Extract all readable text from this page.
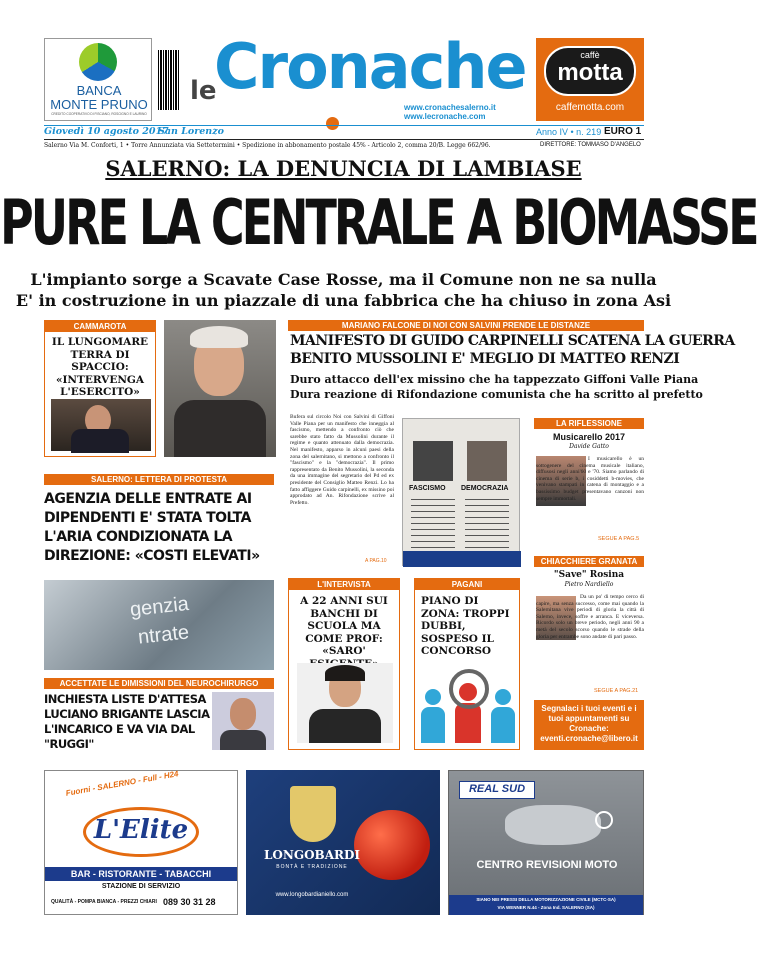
BANCA
MONTE PRUNO
CREDITO COOPERATIVO DI FISCIANO, ROSCIGNO E LAURINO
le
Cronache
www.cronachesalerno.it
www.lecronache.com
caffè
motta
caffemotta.com
Giovedì 10 agosto 2017
San Lorenzo	Anno IV • n. 219 EURO 1
Salerno Via M. Conforti, 1 • Torre Annunziata via Settetermini • Spedizione in abbonamento postale 45% - Articolo 2, comma 20/B. Legge 662/96.	DIRETTORE: TOMMASO D'ANGELO
SALERNO: LA DENUNCIA DI LAMBIASE
PURE LA CENTRALE A BIOMASSE
L'impianto sorge a Scavate Case Rosse, ma il Comune non ne sa nulla
E' in costruzione in un piazzale di una fabbrica che ha chiuso in zona Asi
CAMMAROTA
IL LUNGOMARE TERRA DI SPACCIO: «INTERVENGA L'ESERCITO»
MARIANO FALCONE DI NOI CON SALVINI PRENDE LE DISTANZE
MANIFESTO DI GUIDO CARPINELLI SCATENA LA GUERRA
BENITO MUSSOLINI E' MEGLIO DI MATTEO RENZI
Duro attacco dell'ex missino che ha tappezzato Giffoni Valle Piana
Dura reazione di Rifondazione comunista che ha scritto al prefetto
Bufera sul circolo Noi con Salvini di Giffoni Valle Piana per un manifesto che inneggia al fascismo, mettendo a confronto ciò che sarebbe stato fatto da Mussolini durante il regime e quanto attenuato dalla democrazia. Nel manifesto, apparso in alcuni paesi della zona del salernitano, si mettono a confronto il "fascismo" e la "democrazia". Il primo rappresentato da Benito Mussolini, la seconda da una immagine del segretario del Pd ed ex presidente del Consiglio Matteo Renzi. Lo ha fatto affiggere Guido carpinelli, ex missino poi approdato ad An. Rifondazione scrive al Prefetto.
A PAG.10
FASCISMO DEMOCRAZIA
LA RIFLESSIONE
Musicarello 2017
Davide Gatto
I musicarello è un sottogenere del cinema musicale italiano, diffusosi negli anni'60 e '70. Siamo parlando di cinema di serie b, i cosiddetti b-movies, che venivano stampati in catena di montaggio e a bassissimo budget presentavano canzoni non sempre immortali.
SEGUE A PAG.5
SALERNO: LETTERA DI PROTESTA
AGENZIA DELLE ENTRATE AI DIPENDENTI E' STATA TOLTA L'ARIA CONDIZIONATA LA DIREZIONE: «COSTI ELEVATI»
genzia
ntrate
L'INTERVISTA
A 22 ANNI SUI BANCHI DI SCUOLA MA COME PROF: «SARO'
PAGANI
PIANO DI ZONA: TROPPI DUBBI, SOSPESO IL CONCORSO
CHIACCHIERE GRANATA
"Save" Rosina
Pietro Nardiello
Da un po' di tempo cerco di capire, ma senza successo, come mai quando la Salernitana vive periodi di gloria la città di Salerno, invece, soffre e arranca. E viceversa. Ricordo solo un breve periodo, negli anni 90 a metà del secolo scorso quando le strade della gloria per entrambe sono andate di pari passo.
SEGUE A PAG.21
ACCETTATE LE DIMISSIONI DEL NEUROCHIRURGO
INCHIESTA LISTE D'ATTESA LUCIANO BRIGANTE LASCIA L'INCARICO E VA VIA DAL "RUGGI"
Segnalaci i tuoi eventi e i tuoi appuntamenti su Cronache:
eventi.cronache@libero.it
Fuorni - SALERNO - Full - H24
L'Elite
BAR - RISTORANTE - TABACCHI
STAZIONE DI SERVIZIO
QUALITÀ - POMPA BIANCA - PREZZI CHIARI 089 30 31 28
LONGOBARDI
BONTÀ E TRADIZIONE
www.longobardianiello.com
REAL SUD
CENTRO REVISIONI MOTO
SIANO NEI PRESSI DELLA MOTORIZZAZIONE CIVILE (MCTC-SA)
VIA WENNER N.44 - Zona Ind. SALERNO (SA)
